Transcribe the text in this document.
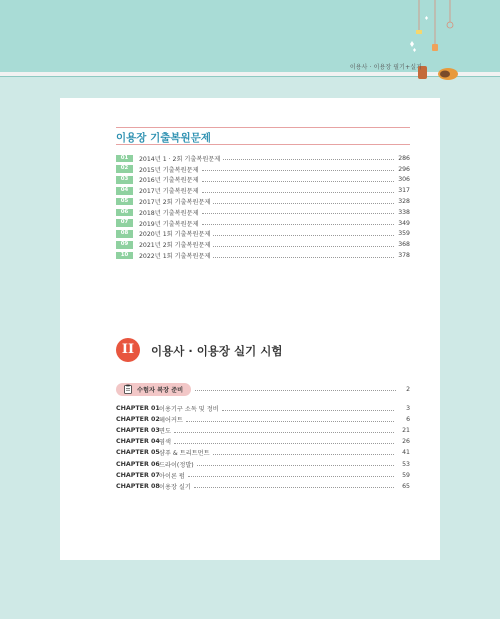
이용사 · 이용장 필기+실기
이용장 기출복원문제
01	2014년 1 · 2회 기출복원문제	286
02	2015년 기출복원문제	296
03	2016년 기출복원문제	306
04	2017년 기출복원문제	317
05	2017년 2회 기출복원문제	328
06	2018년 기출복원문제	338
07	2019년 기출복원문제	349
08	2020년 1회 기출복원문제	359
09	2021년 2회 기출복원문제	368
10	2022년 1회 기출복원문제	378
II	이용사 · 이용장 실기 시험
수험자 복장 준비	2
CHAPTER 01 이용기구 소독 및 정비	3
CHAPTER 02 헤어커트	6
CHAPTER 03 면도	21
CHAPTER 04 염색	26
CHAPTER 05 샴푸 & 트리트먼트	41
CHAPTER 06 드라이(정발)	53
CHAPTER 07 아이론 펌	59
CHAPTER 08 이용장 실기	65
